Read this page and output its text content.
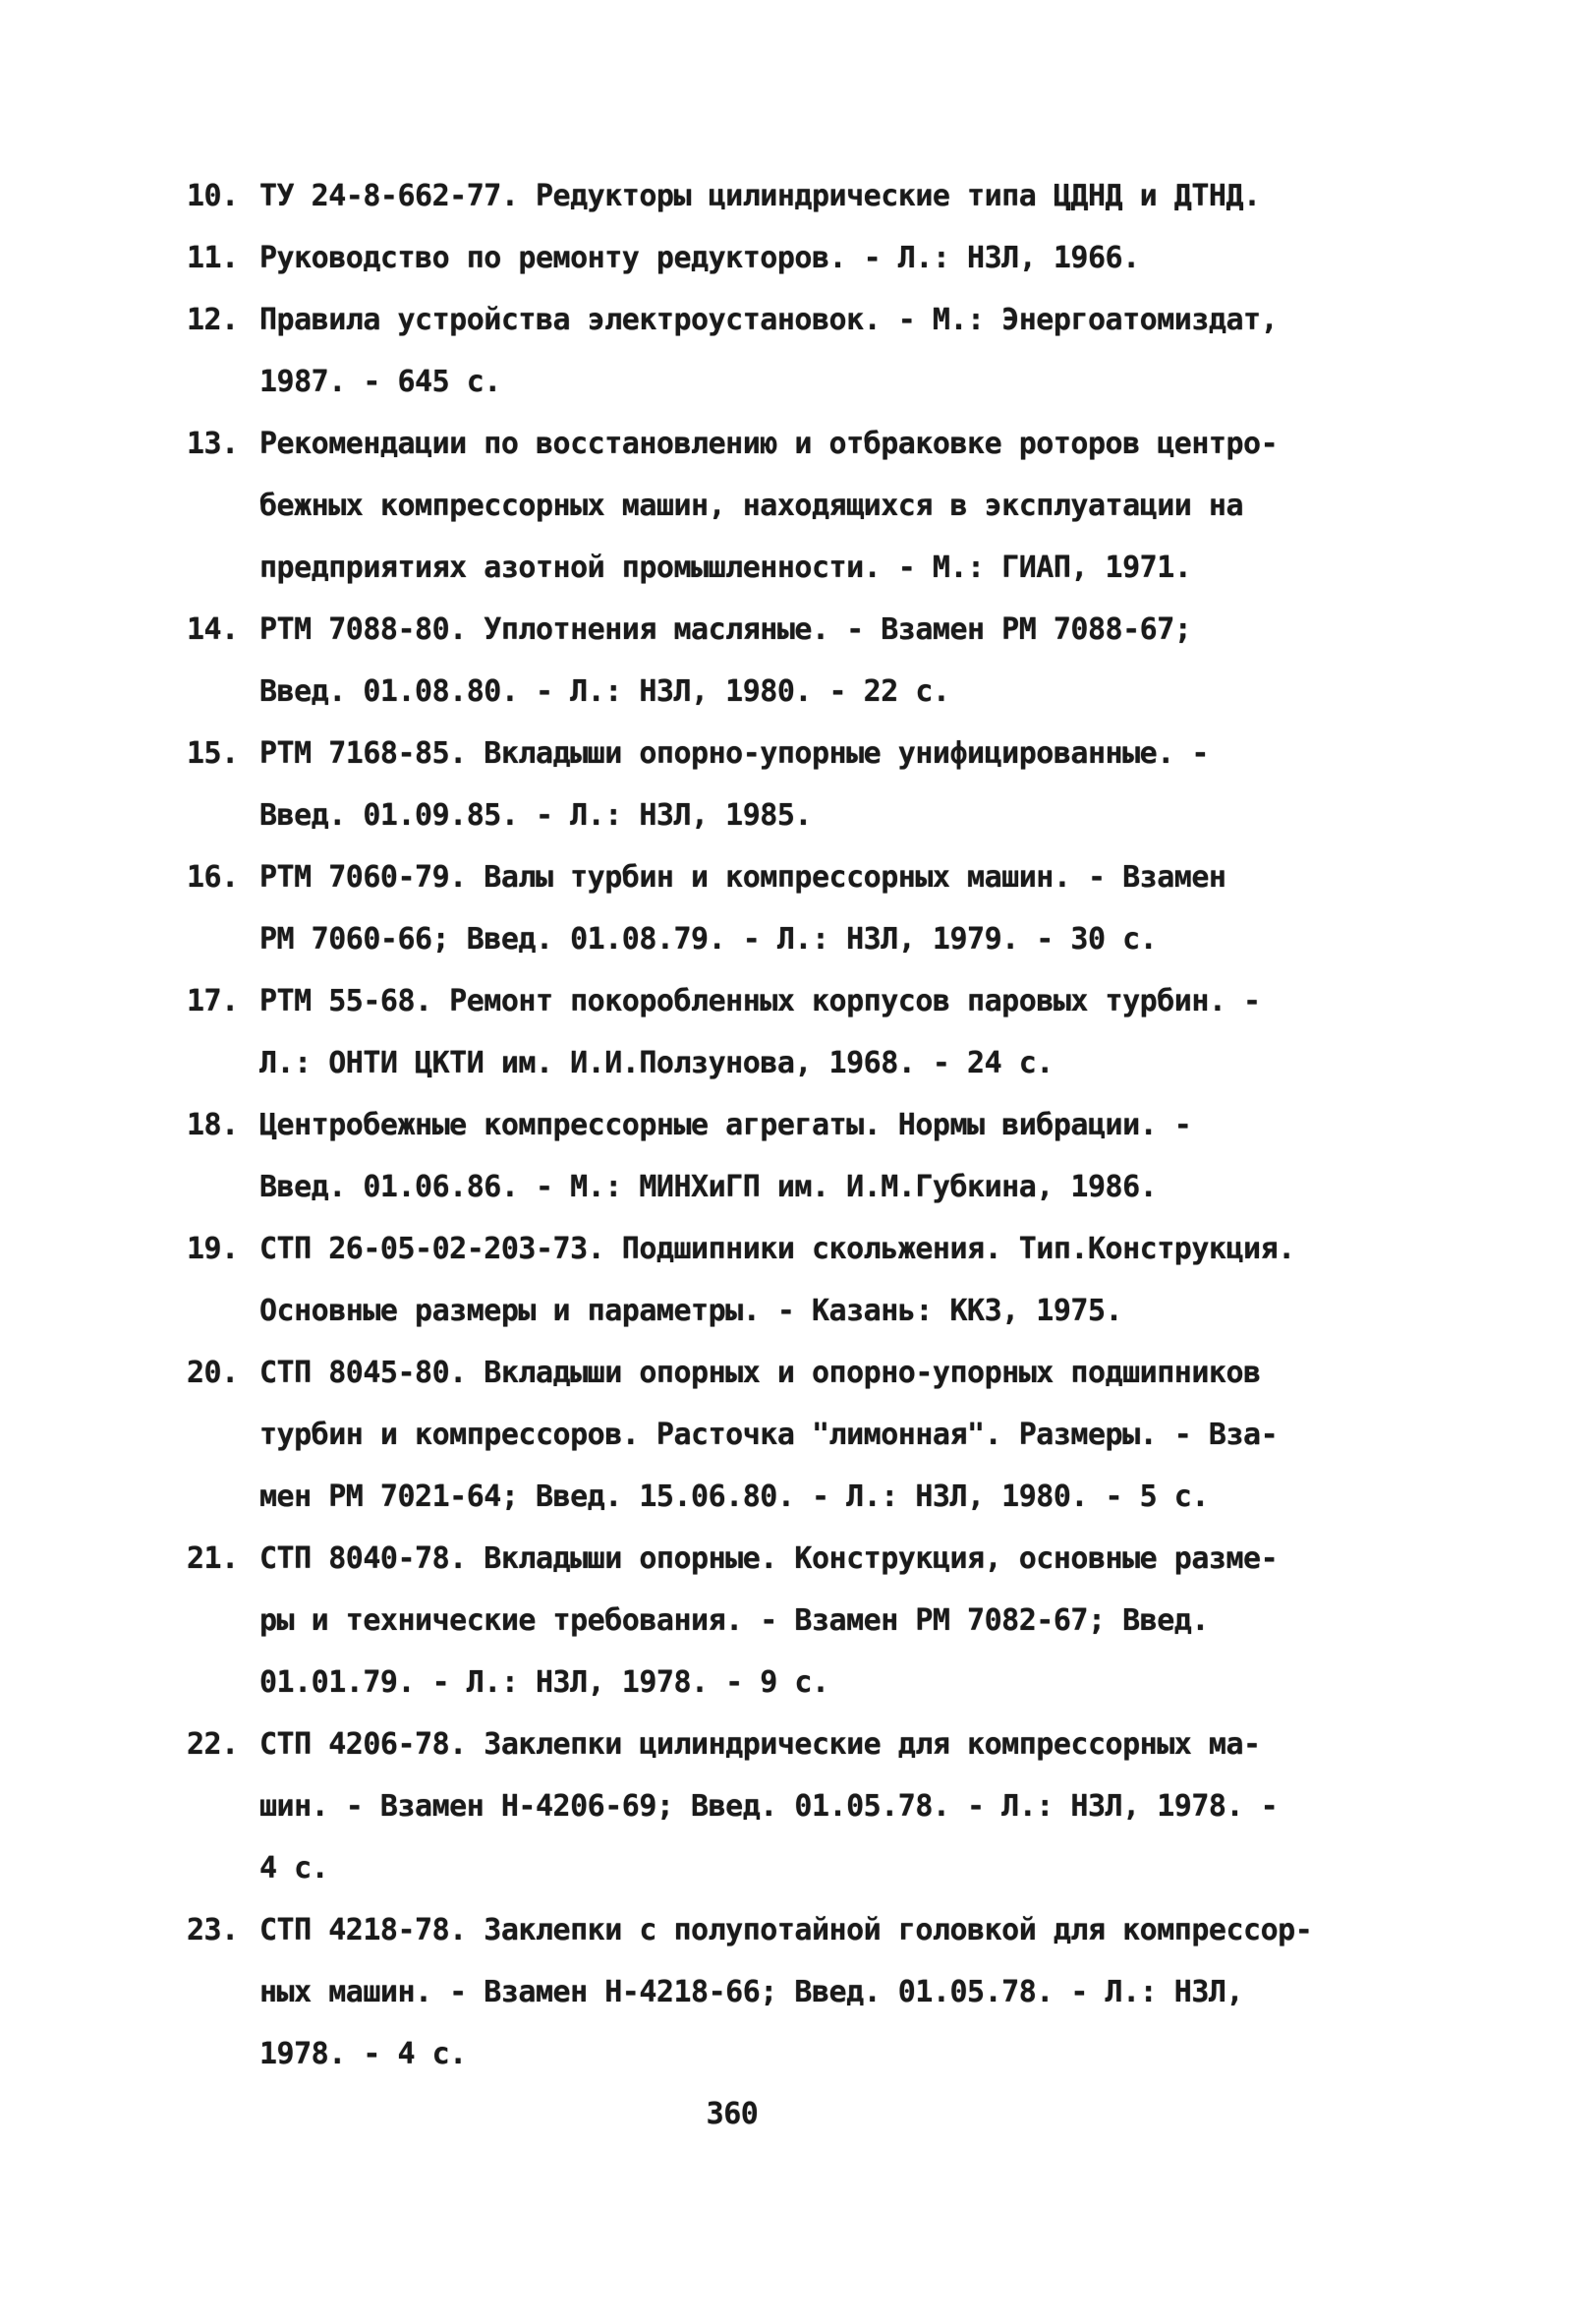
10. ТУ 24-8-662-77. Редукторы цилиндрические типа ЦДНД и ДТНД.
11. Руководство по ремонту редукторов. - Л.: НЗЛ, 1966.
12. Правила устройства электроустановок. - М.: Энергоатомиздат,
1987. - 645 с.
13. Рекомендации по восстановлению и отбраковке роторов центро-
бежных компрессорных машин, находящихся в эксплуатации на
предприятиях азотной промышленности. - М.: ГИАП, 1971.
14. РТМ 7088-80. Уплотнения масляные. - Взамен РМ 7088-67;
Введ. 01.08.80. - Л.: НЗЛ, 1980. - 22 с.
15. РТМ 7168-85. Вкладыши опорно-упорные унифицированные. -
Введ. 01.09.85. - Л.: НЗЛ, 1985.
16. РТМ 7060-79. Валы турбин и компрессорных машин. - Взамен
РМ 7060-66; Введ. 01.08.79. - Л.: НЗЛ, 1979. - 30 с.
17. РТМ 55-68. Ремонт покоробленных корпусов паровых турбин. -
Л.: ОНТИ ЦКТИ им. И.И.Ползунова, 1968. - 24 с.
18. Центробежные компрессорные агрегаты. Нормы вибрации. -
Введ. 01.06.86. - М.: МИНХиГП им. И.М.Губкина, 1986.
19. СТП 26-05-02-203-73. Подшипники скольжения. Тип.Конструкция.
Основные размеры и параметры. - Казань: ККЗ, 1975.
20. СТП 8045-80. Вкладыши опорных и опорно-упорных подшипников
турбин и компрессоров. Расточка "лимонная". Размеры. - Вза-
мен РМ 7021-64; Введ. 15.06.80. - Л.: НЗЛ, 1980. - 5 с.
21. СТП 8040-78. Вкладыши опорные. Конструкция, основные разме-
ры и технические требования. - Взамен РМ 7082-67; Введ.
01.01.79. - Л.: НЗЛ, 1978. - 9 с.
22. СТП 4206-78. Заклепки цилиндрические для компрессорных ма-
шин. - Взамен Н-4206-69; Введ. 01.05.78. - Л.: НЗЛ, 1978. -
4 с.
23. СТП 4218-78. Заклепки с полупотайной головкой для компрессор-
ных машин. - Взамен Н-4218-66; Введ. 01.05.78. - Л.: НЗЛ,
1978. - 4 с.
360
